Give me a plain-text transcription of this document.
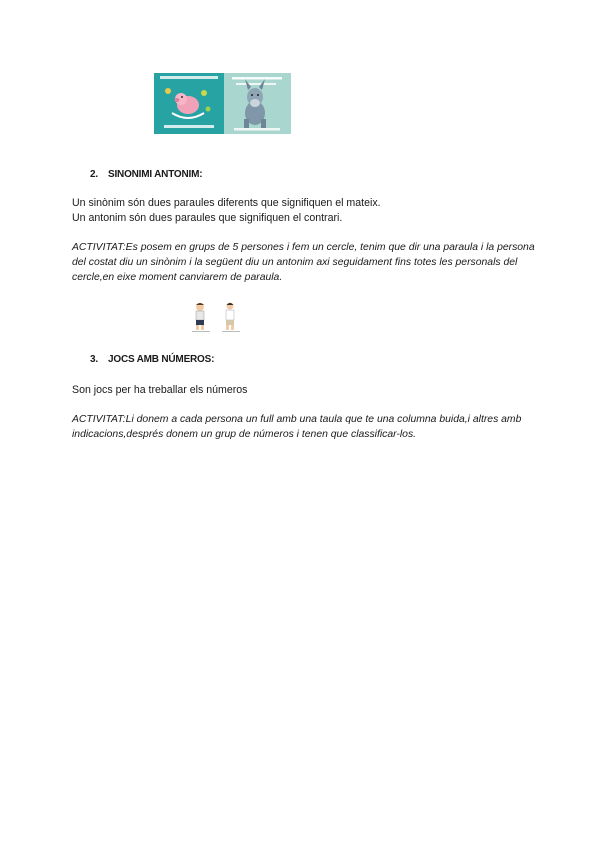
2. SINONIMI ANTONIM:
Un sinònim són dues paraules diferents que signifiquen el mateix.
Un antonim són dues paraules que signifiquen el contrari.
ACTIVITAT:Es posem en grups de 5 persones i fem un cercle, tenim que dir una paraula i la persona del costat diu un sinònim i la següent diu un antonim axi seguidament fins totes les personals del cercle,en eixe moment canviarem de paraula.
3. JOCS AMB NÚMEROS:
Son jocs per ha treballar els números
ACTIVITAT:Li donem a cada persona un full amb una taula que te una columna buida,i altres amb indicacions,després donem un grup de números i tenen que classificar-los.
